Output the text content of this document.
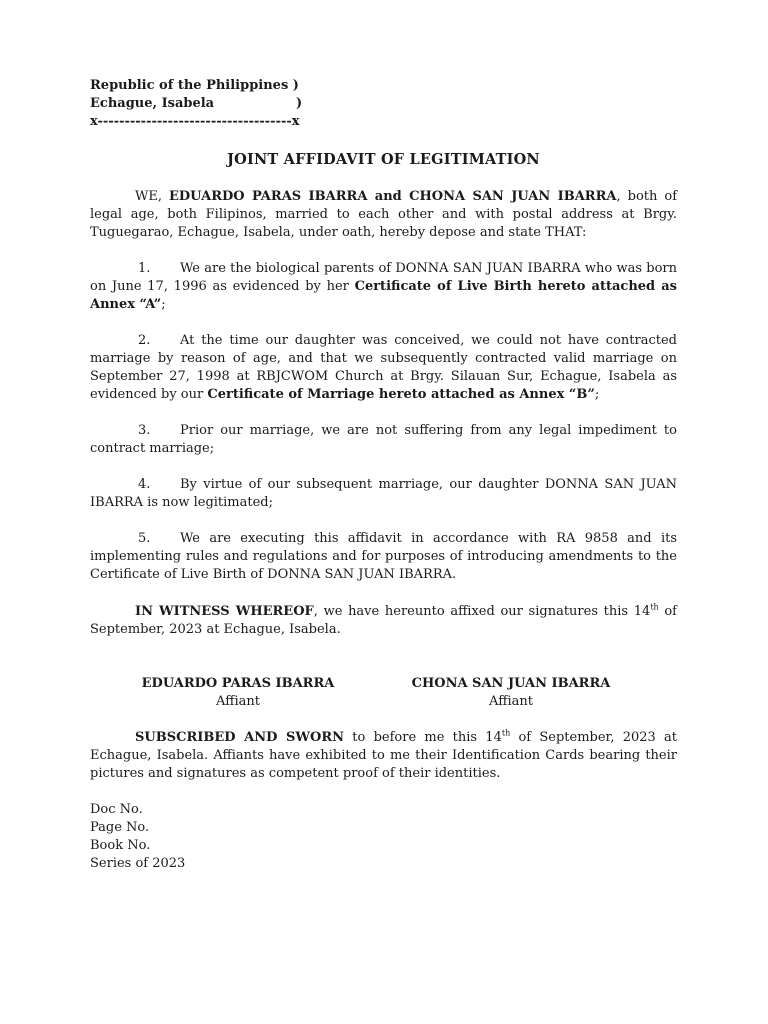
Republic of the Philippines )
Echague, Isabela	)
x------------------------------------x
JOINT AFFIDAVIT OF LEGITIMATION

WE, EDUARDO PARAS IBARRA and CHONA SAN JUAN IBARRA, both of legal age, both Filipinos, married to each other and with postal address at Brgy. Tuguegarao, Echague, Isabela, under oath, hereby depose and state THAT:

1. We are the biological parents of DONNA SAN JUAN IBARRA who was born on June 17, 1996 as evidenced by her Certificate of Live Birth hereto attached as Annex “A”;

2. At the time our daughter was conceived, we could not have contracted marriage by reason of age, and that we subsequently contracted valid marriage on September 27, 1998 at RBJCWOM Church at Brgy. Silauan Sur, Echague, Isabela as evidenced by our Certificate of Marriage hereto attached as Annex “B”;

3. Prior our marriage, we are not suffering from any legal impediment to contract marriage;

4. By virtue of our subsequent marriage, our daughter DONNA SAN JUAN IBARRA is now legitimated;

5. We are executing this affidavit in accordance with RA 9858 and its implementing rules and regulations and for purposes of introducing amendments to the Certificate of Live Birth of DONNA SAN JUAN IBARRA.

IN WITNESS WHEREOF, we have hereunto affixed our signatures this 14th of September, 2023 at Echague, Isabela.

EDUARDO PARAS IBARRA
Affiant
CHONA SAN JUAN IBARRA
Affiant

SUBSCRIBED AND SWORN to before me this 14th of September, 2023 at Echague, Isabela. Affiants have exhibited to me their Identification Cards bearing their pictures and signatures as competent proof of their identities.

Doc No.
Page No.
Book No.
Series of 2023
